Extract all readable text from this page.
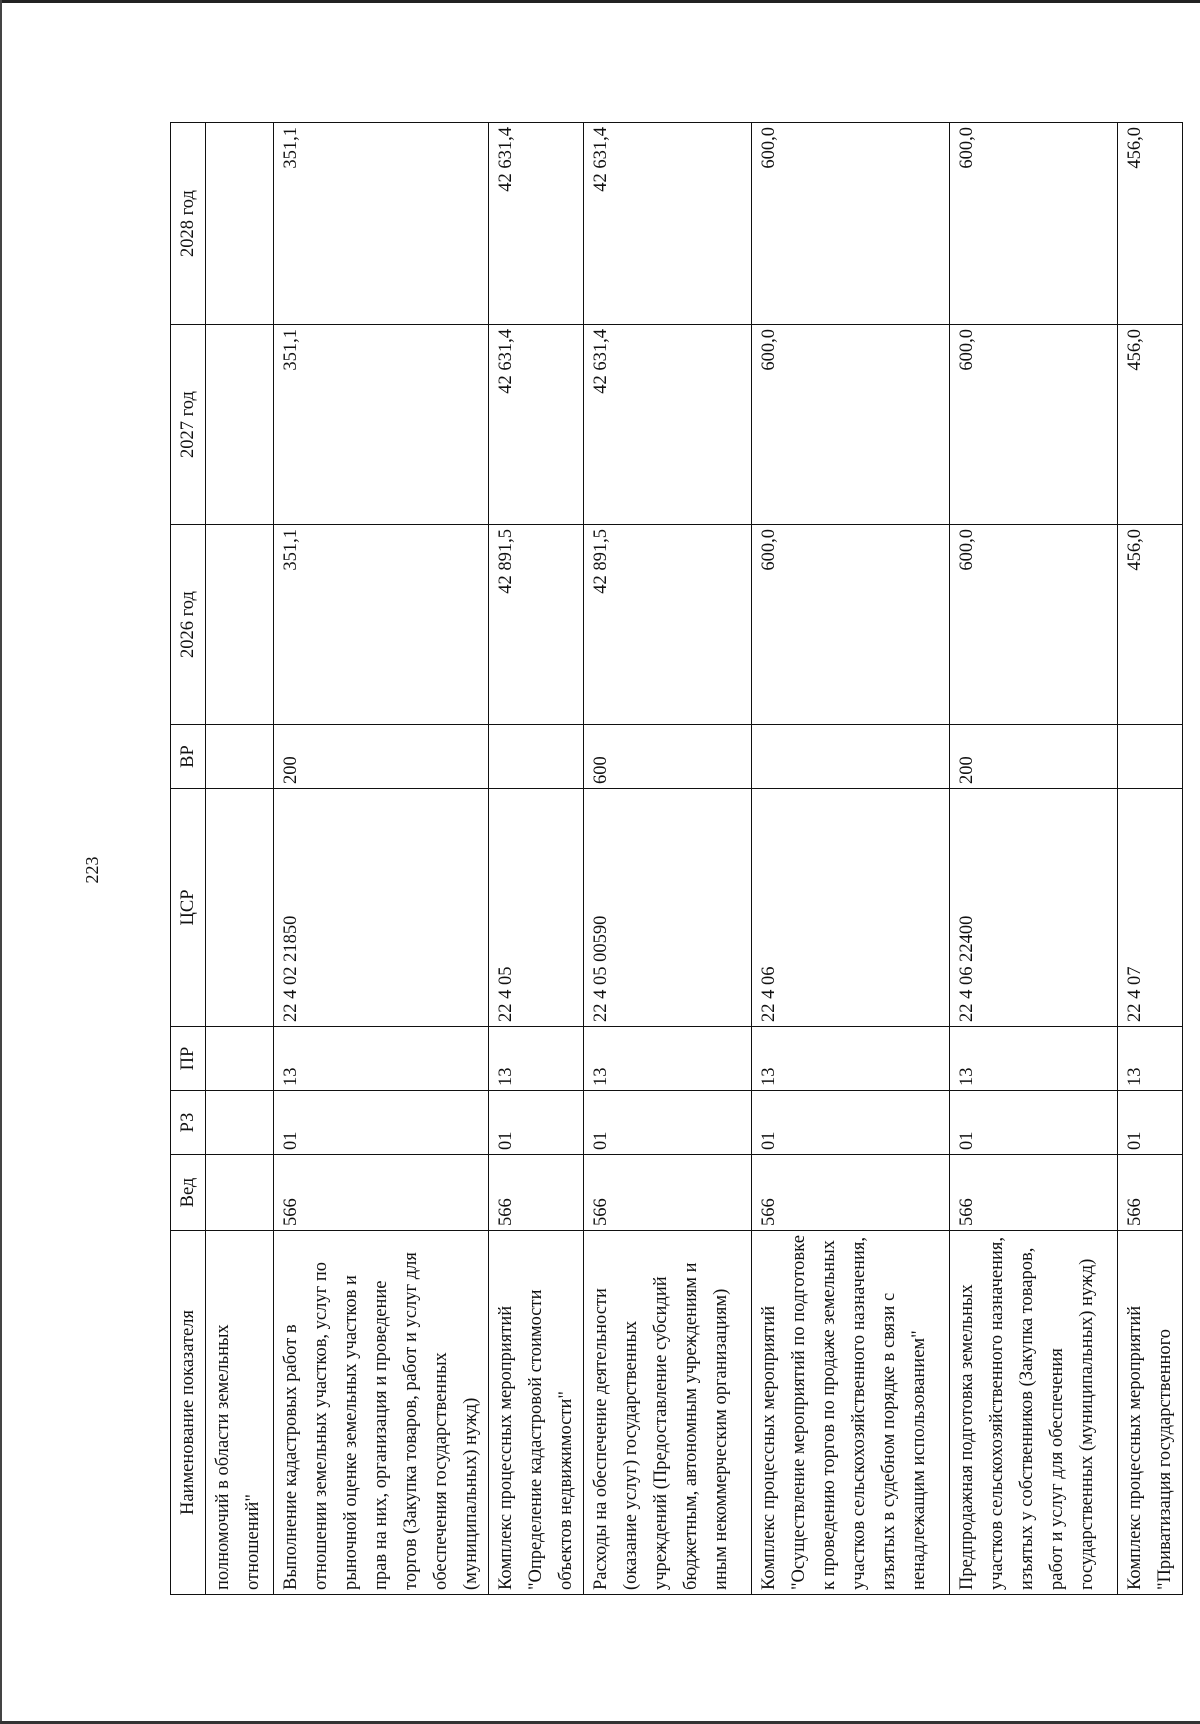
223
Наименование показателя	Вед	РЗ	ПР	ЦСР	ВР	2026 год	2027 год	2028 год
полномочий в области земельных отношений"								
Выполнение кадастровых работ в отношении земельных участков, услуг по рыночной оценке земельных участков и прав на них, организация и проведение торгов (Закупка товаров, работ и услуг для обеспечения государственных (муниципальных) нужд)	566	01	13	22 4 02 21850	200	351,1	351,1	351,1
Комплекс процессных мероприятий "Определение кадастровой стоимости объектов недвижимости"	566	01	13	22 4 05		42 891,5	42 631,4	42 631,4
Расходы на обеспечение деятельности (оказание услуг) государственных учреждений (Предоставление субсидий бюджетным, автономным учреждениям и иным некоммерческим организациям)	566	01	13	22 4 05 00590	600	42 891,5	42 631,4	42 631,4
Комплекс процессных мероприятий "Осуществление мероприятий по подготовке к проведению торгов по продаже земельных участков сельскохозяйственного назначения, изъятых в судебном порядке в связи с ненадлежащим использованием"	566	01	13	22 4 06		600,0	600,0	600,0
Предпродажная подготовка земельных участков сельскохозяйственного назначения, изъятых у собственников (Закупка товаров, работ и услуг для обеспечения государственных (муниципальных) нужд)	566	01	13	22 4 06 22400	200	600,0	600,0	600,0
Комплекс процессных мероприятий "Приватизация государственного	566	01	13	22 4 07		456,0	456,0	456,0
